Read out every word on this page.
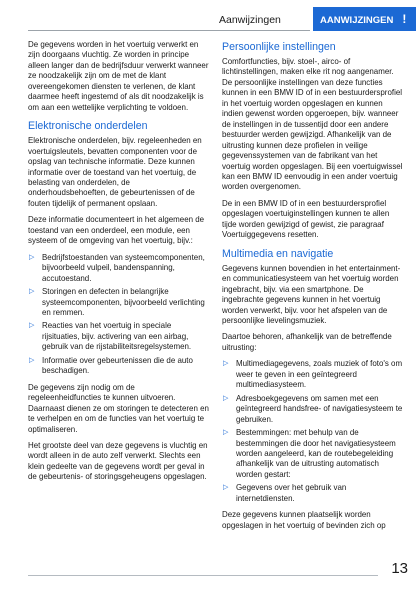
Aanwijzingen	AANWIJZINGEN !

De gegevens worden in het voertuig verwerkt en zijn doorgaans vluchtig. Ze worden in principe alleen langer dan de bedrijfsduur verwerkt wanneer ze noodzakelijk zijn om de met de klant overeengekomen diensten te verlenen, de klant daarmee heeft ingestemd of als dit noodzakelijk is om aan een wettelijke verplichting te voldoen.

Elektronische onderdelen

Elektronische onderdelen, bijv. regeleenheden en voertuigsleutels, bevatten componenten voor de opslag van technische informatie. Deze kunnen informatie over de toestand van het voertuig, de belasting van onderdelen, de onderhoudsbehoeften, de gebeurtenissen of de fouten tijdelijk of permanent opslaan.

Deze informatie documenteert in het algemeen de toestand van een onderdeel, een module, een systeem of de omgeving van het voertuig, bijv.:

▷ Bedrijfstoestanden van systeemcomponenten, bijvoorbeeld vulpeil, bandenspanning, accutoestand.
▷ Storingen en defecten in belangrijke systeemcomponenten, bijvoorbeeld verlichting en remmen.
▷ Reacties van het voertuig in speciale rijsituaties, bijv. activering van een airbag, gebruik van de rijstabiliteitsregelsystemen.
▷ Informatie over gebeurtenissen die de auto beschadigen.

De gegevens zijn nodig om de regeleenheidfuncties te kunnen uitvoeren. Daarnaast dienen ze om storingen te detecteren en te verhelpen en om de functies van het voertuig te optimaliseren.

Het grootste deel van deze gegevens is vluchtig en wordt alleen in de auto zelf verwerkt. Slechts een klein gedeelte van de gegevens wordt per geval in de gebeurtenis- of storingsgeheugens opgeslagen.

Persoonlijke instellingen

Comfortfuncties, bijv. stoel-, airco- of lichtinstellingen, maken elke rit nog aangenamer. De persoonlijke instellingen van deze functies kunnen in een BMW ID of in een bestuurdersprofiel in het voertuig worden opgeslagen en kunnen indien gewenst worden opgeroepen, bijv. wanneer de instellingen in de tussentijd door een andere bestuurder werden gewijzigd. Afhankelijk van de uitrusting kunnen deze profielen in veilige gegevenssystemen van de fabrikant van het voertuig worden opgeslagen. Bij een voertuigwissel kan een BMW ID eenvoudig in een ander voertuig worden overgenomen.

De in een BMW ID of in een bestuurdersprofiel opgeslagen voertuiginstellingen kunnen te allen tijde worden gewijzigd of gewist, zie paragraaf Voertuiggegevens resetten.

Multimedia en navigatie

Gegevens kunnen bovendien in het entertainment- en communicatiesysteem van het voertuig worden ingebracht, bijv. via een smartphone. De ingebrachte gegevens kunnen in het voertuig worden verwerkt, bijv. voor het afspelen van de persoonlijke lievelingsmuziek.

Daartoe behoren, afhankelijk van de betreffende uitrusting:

▷ Multimediagegevens, zoals muziek of foto's om weer te geven in een geïntegreerd multimediasysteem.
▷ Adresboekgegevens om samen met een geïntegreerd handsfree- of navigatiesysteem te gebruiken.
▷ Bestemmingen: met behulp van de bestemmingen die door het navigatiesysteem worden aangeleerd, kan de routebegeleiding afhankelijk van de uitrusting automatisch worden gestart:
▷ Gegevens over het gebruik van internetdiensten.

Deze gegevens kunnen plaatselijk worden opgeslagen in het voertuig of bevinden zich op

13
